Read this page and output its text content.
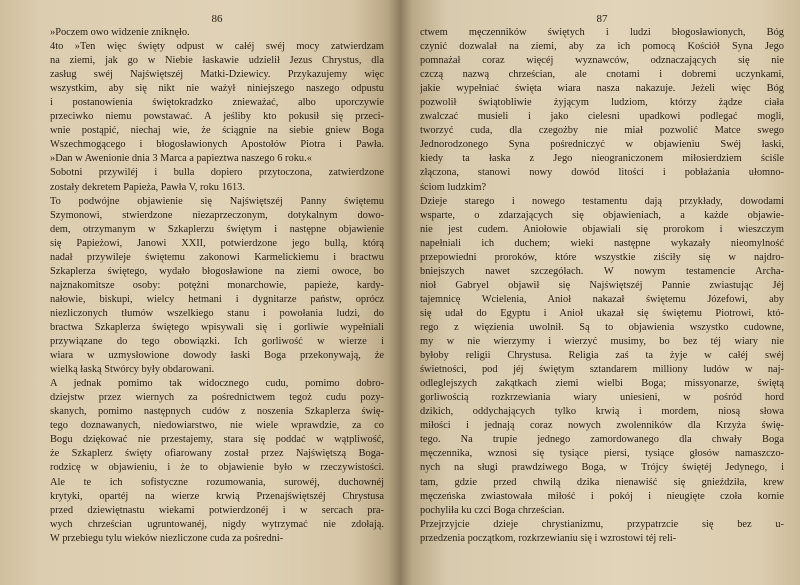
86
»Poczem owo widzenie zniknęło.
4to »Ten więc święty odpust w całéj swéj mocy zatwierdzam
na ziemi, jak go w Niebie łaskawie udzielił Jezus Chrystus, dla
zasług swéj Najświętszéj Matki-Dziewicy. Przykazujemy więc
wszystkim, aby się nikt nie ważył niniejszego naszego odpustu
i postanowienia świętokradzko znieważać, albo uporczywie
przeciwko niemu powstawać. A jeśliby kto pokusił się przeci-
wnie postąpić, niechaj wie, że ściągnie na siebie gniew Boga
Wszechmogącego i błogosławionych Apostołów Piotra i Pawła.
»Dan w Awenionie dnia 3 Marca a papieztwa naszego 6 roku.«
Sobotni przywiléj i bulla dopiero przytoczona, zatwierdzone
zostały dekretem Papieża, Pawła V, roku 1613.
To podwójne objawienie się Najświętszéj Panny świętemu
Szymonowi, stwierdzone niezaprzeczonym, dotykalnym dowo-
dem, otrzymanym w Szkaplerzu świętym i następne objawienie
się Papieżowi, Janowi XXII, potwierdzone jego bullą, którą
nadał przywileje świętemu zakonowi Karmelickiemu i bractwu
Szkaplerza świętego, wydało błogosławione na ziemi owoce, bo
najznakomitsze osoby: potężni monarchowie, papieże, kardy-
nałowie, biskupi, wielcy hetmani i dygnitarze państw, oprócz
niezliczonych tłumów wszelkiego stanu i powołania ludzi, do
bractwa Szkaplerza świętego wpisywali się i gorliwie wypełniali
przywiązane do tego obowiązki. Ich gorliwość w wierze i
wiara w uzmysłowione dowody łaski Boga przekonywają, że
wielką łaską Stwórcy były obdarowani.
A jednak pomimo tak widocznego cudu, pomimo dobro-
dziejstw przez wiernych za pośrednictwem tegoż cudu pozy-
skanych, pomimo następnych cudów z noszenia Szkaplerza świę-
tego doznawanych, niedowiarstwo, nie wiele wprawdzie, za co
Bogu dziękować nie przestajemy, stara się poddać w wątpliwość,
że Szkaplerz święty ofiarowany został przez Najświętszą Boga-
rodzicę w objawieniu, i że to objawienie było w rzeczywistości.
Ale te ich sofistyczne rozumowania, surowéj, duchownéj
krytyki, opartéj na wierze krwią Przenajświętszéj Chrystusa
przed dziewiętnastu wiekami potwierdzonéj i w sercach pra-
wych chrześcian ugruntowanéj, nigdy wytrzymać nie zdołają.
W przebiegu tylu wieków niezliczone cuda za pośredni-
87
ctwem męczenników świętych i ludzi błogosławionych, Bóg
czynić dozwalał na ziemi, aby za ich pomocą Kościół Syna Jego
pomnażał coraz więcéj wyznawców, odznaczających się nie
czczą nazwą chrześcian, ale cnotami i dobremi uczynkami,
jakie wypełniać święta wiara nasza nakazuje. Jeżeli więc Bóg
pozwolił świątobliwie żyjącym ludziom, którzy żądze ciała
zwalczać musieli i jako cielesni upadkowi podlegać mogli,
tworzyć cuda, dla czegożby nie miał pozwolić Matce swego
Jednorodzonego Syna pośredniczyć w objawieniu Swéj łaski,
kiedy ta łaska z Jego nieograniczonem miłosierdziem ściśle
złączona, stanowi nowy dowód litości i pobłażania ułomno-
ściom ludzkim?
Dzieje starego i nowego testamentu dają przykłady, dowodami
wsparte, o zdarzających się objawieniach, a każde objawie-
nie jest cudem. Aniołowie objawiali się prorokom i wieszczym
napełniali ich duchem; wieki następne wykazały nieomylność
przepowiedni proroków, które wszystkie ziściły się w najdro-
bniejszych nawet szczegółach. W nowym testamencie Archa-
nioł Gabryel objawił się Najświętszéj Pannie zwiastując Jéj
tajemnicę Wcielenia, Anioł nakazał świętemu Józefowi, aby
się udał do Egyptu i Anioł ukazał się świętemu Piotrowi, któ-
rego z więzienia uwolnił. Są to objawienia wszystko cudowne,
my w nie wierzymy i wierzyć musimy, bo bez téj wiary nie
byłoby religii Chrystusa. Religia zaś ta żyje w całéj swéj
świetności, pod jéj świętym sztandarem milliony ludów w naj-
odleglejszych zakątkach ziemi wielbi Boga; missyonarze, świętą
gorliwością rozkrzewiania wiary uniesieni, w pośród hord
dzikich, oddychających tylko krwią i mordem, niosą słowa
miłości i jednają coraz nowych zwolenników dla Krzyża świę-
tego. Na trupie jednego zamordowanego dla chwały Boga
męczennika, wznosi się tysiące piersi, tysiące głosów namaszczo-
nych na sługi prawdziwego Boga, w Trójcy świętéj Jedynego, i
tam, gdzie przed chwilą dzika nienawiść się gnieździła, krew
męczeńska zwiastowała miłość i pokój i nieugięte czoła kornie
pochyliła ku czci Boga chrześcian.
Przejrzyjcie dzieje chrystianizmu, przypatrzcie się bez u-
przedzenia początkom, rozkrzewianiu się i wzrostowi téj reli-
